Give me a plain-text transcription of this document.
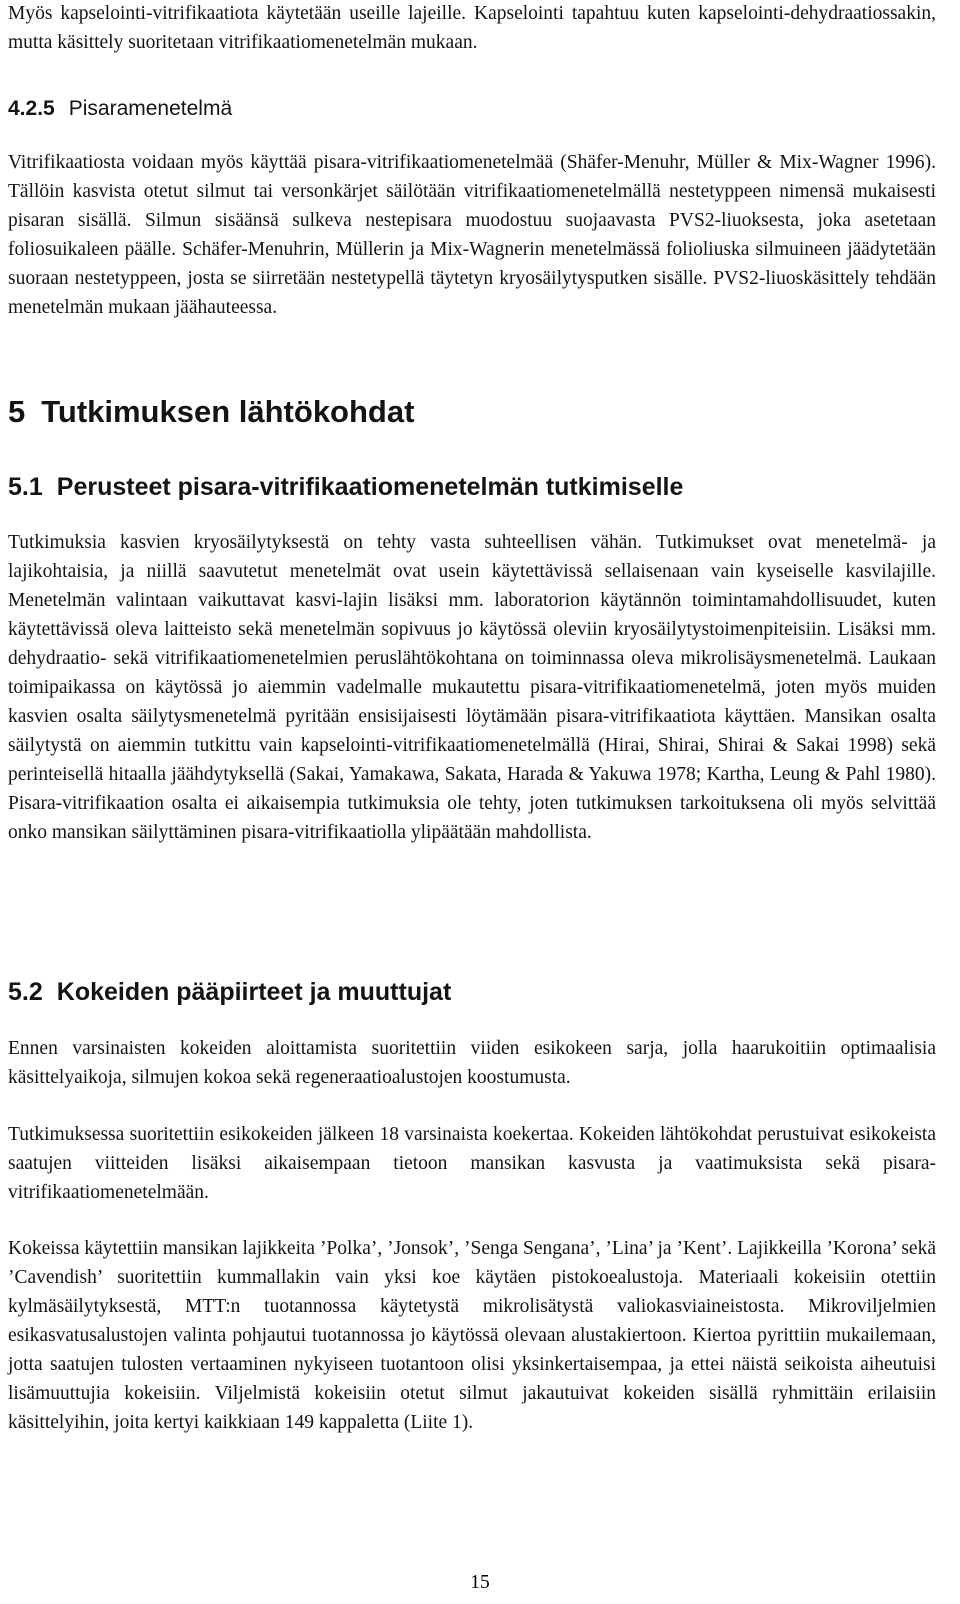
Myös kapselointi-vitrifikaatiota käytetään useille lajeille. Kapselointi tapahtuu kuten kapselointi-dehydraatiossakin, mutta käsittely suoritetaan vitrifikaatiomenetelmän mukaan.

4.2.5 Pisaramenetelmä

Vitrifikaatiosta voidaan myös käyttää pisara-vitrifikaatiomenetelmää (Shäfer-Menuhr, Müller & Mix-Wagner 1996). Tällöin kasvista otetut silmut tai versonkärjet säilötään vitrifikaatiomenetelmällä nestetyppeen nimensä mukaisesti pisaran sisällä. Silmun sisäänsä sulkeva nestepisara muodostuu suojaavasta PVS2-liuoksesta, joka asetetaan foliosuikaleen päälle. Schäfer-Menuhrin, Müllerin ja Mix-Wagnerin menetelmässä folioliuska silmuineen jäädytetään suoraan nestetyppeen, josta se siirretään nestetypellä täytetyn kryosäilytysputken sisälle. PVS2-liuoskäsittely tehdään menetelmän mukaan jäähauteessa.

5 Tutkimuksen lähtökohdat
5.1 Perusteet pisara-vitrifikaatiomenetelmän tutkimiselle

Tutkimuksia kasvien kryosäilytyksestä on tehty vasta suhteellisen vähän. Tutkimukset ovat menetelmä- ja lajikohtaisia, ja niillä saavutetut menetelmät ovat usein käytettävissä sellaisenaan vain kyseiselle kasvilajille. Menetelmän valintaan vaikuttavat kasvi-lajin lisäksi mm. laboratorion käytännön toimintamahdollisuudet, kuten käytettävissä oleva laitteisto sekä menetelmän sopivuus jo käytössä oleviin kryosäilytystoimenpiteisiin. Lisäksi mm. dehydraatio- sekä vitrifikaatiomenetelmien peruslähtökohtana on toiminnassa oleva mikrolisäysmenetelmä. Laukaan toimipaikassa on käytössä jo aiemmin vadelmalle mukautettu pisara-vitrifikaatiomenetelmä, joten myös muiden kasvien osalta säilytysmenetelmä pyritään ensisijaisesti löytämään pisara-vitrifikaatiota käyttäen. Mansikan osalta säilytystä on aiemmin tutkittu vain kapselointi-vitrifikaatiomenetelmällä (Hirai, Shirai, Shirai & Sakai 1998) sekä perinteisellä hitaalla jäähdytyksellä (Sakai, Yamakawa, Sakata, Harada & Yakuwa 1978; Kartha, Leung & Pahl 1980). Pisara-vitrifikaation osalta ei aikaisempia tutkimuksia ole tehty, joten tutkimuksen tarkoituksena oli myös selvittää onko mansikan säilyttäminen pisara-vitrifikaatiolla ylipäätään mahdollista.

5.2 Kokeiden pääpiirteet ja muuttujat

Ennen varsinaisten kokeiden aloittamista suoritettiin viiden esikokeen sarja, jolla haarukoitiin optimaalisia käsittelyaikoja, silmujen kokoa sekä regeneraatioalustojen koostumusta.

Tutkimuksessa suoritettiin esikokeiden jälkeen 18 varsinaista koekertaa. Kokeiden lähtökohdat perustuivat esikokeista saatujen viitteiden lisäksi aikaisempaan tietoon mansikan kasvusta ja vaatimuksista sekä pisara-vitrifikaatiomenetelmään.

Kokeissa käytettiin mansikan lajikkeita ’Polka’, ’Jonsok’, ’Senga Sengana’, ’Lina’ ja ’Kent’. Lajikkeilla ’Korona’ sekä ’Cavendish’ suoritettiin kummallakin vain yksi koe käytäen pistokoealustoja. Materiaali kokeisiin otettiin kylmäsäilytyksestä, MTT:n tuotannossa käytetystä mikrolisätystä valiokasviaineistosta. Mikroviljelmien esikasvatusalustojen valinta pohjautui tuotannossa jo käytössä olevaan alustakiertoon. Kiertoa pyrittiin mukailemaan, jotta saatujen tulosten vertaaminen nykyiseen tuotantoon olisi yksinkertaisempaa, ja ettei näistä seikoista aiheutuisi lisämuuttujia kokeisiin. Viljelmistä kokeisiin otetut silmut jakautuivat kokeiden sisällä ryhmittäin erilaisiin käsittelyihin, joita kertyi kaikkiaan 149 kappaletta (Liite 1).

15
